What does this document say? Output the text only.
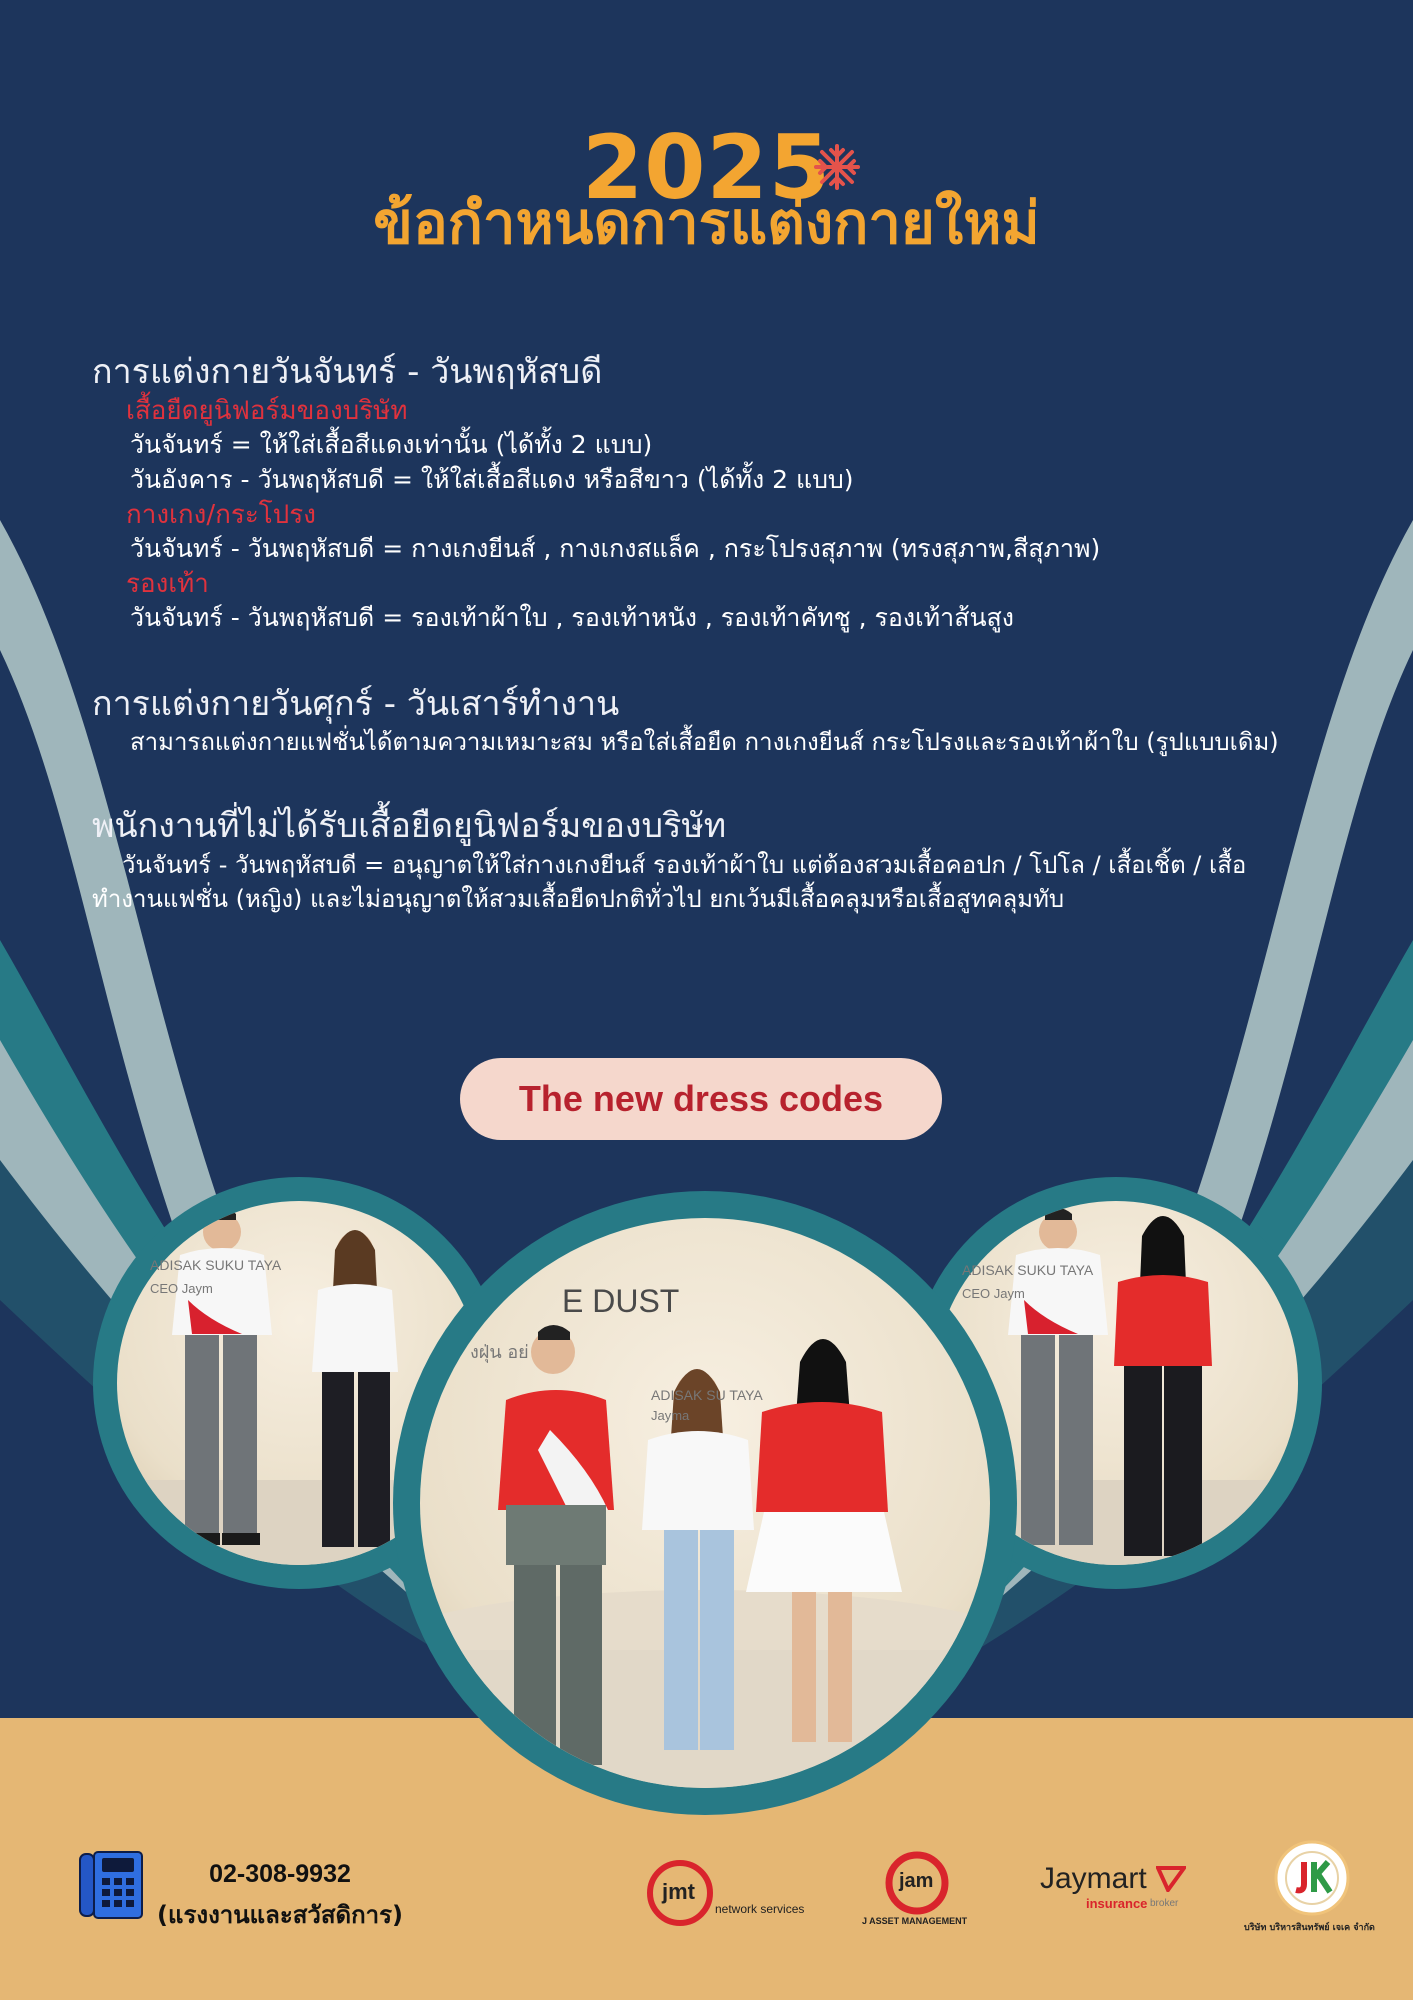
2025
ข้อกำหนดการแต่งกายใหม่
การแต่งกายวันจันทร์ - วันพฤหัสบดี
เสื้อยืดยูนิฟอร์มของบริษัท
วันจันทร์ = ให้ใส่เสื้อสีแดงเท่านั้น (ได้ทั้ง 2 แบบ)
วันอังคาร - วันพฤหัสบดี = ให้ใส่เสื้อสีแดง หรือสีขาว (ได้ทั้ง 2 แบบ)
กางเกง/กระโปรง
วันจันทร์ - วันพฤหัสบดี = กางเกงยีนส์ , กางเกงสแล็ค , กระโปรงสุภาพ (ทรงสุภาพ,สีสุภาพ)
รองเท้า
วันจันทร์ - วันพฤหัสบดี = รองเท้าผ้าใบ , รองเท้าหนัง , รองเท้าคัทชู , รองเท้าส้นสูง
การแต่งกายวันศุกร์ - วันเสาร์ทำงาน
สามารถแต่งกายแฟชั่นได้ตามความเหมาะสม หรือใส่เสื้อยืด กางเกงยีนส์ กระโปรงและรองเท้าผ้าใบ (รูปแบบเดิม)
พนักงานที่ไม่ได้รับเสื้อยืดยูนิฟอร์มของบริษัท
วันจันทร์ - วันพฤหัสบดี = อนุญาตให้ใส่กางเกงยีนส์ รองเท้าผ้าใบ แต่ต้องสวมเสื้อคอปก / โปโล / เสื้อเชิ้ต / เสื้อ
ทำงานแฟชั่น (หญิง) และไม่อนุญาตให้สวมเสื้อยืดปกติทั่วไป ยกเว้นมีเสื้อคลุมหรือเสื้อสูทคลุมทับ
The new dress codes
ADISAK SUKU TAYA
CEO Jaym
ADISAK SUKU TAYA
CEO Jaym
E DUST
งฝุ่น อย่
ADISAK SU TAYA
Jayma
02-308-9932
(แรงงานและสวัสดิการ)
jmt
network services
jam
J ASSET MANAGEMENT
Jaymart
insurance broker
บริษัท บริหารสินทรัพย์ เจเค จำกัด
